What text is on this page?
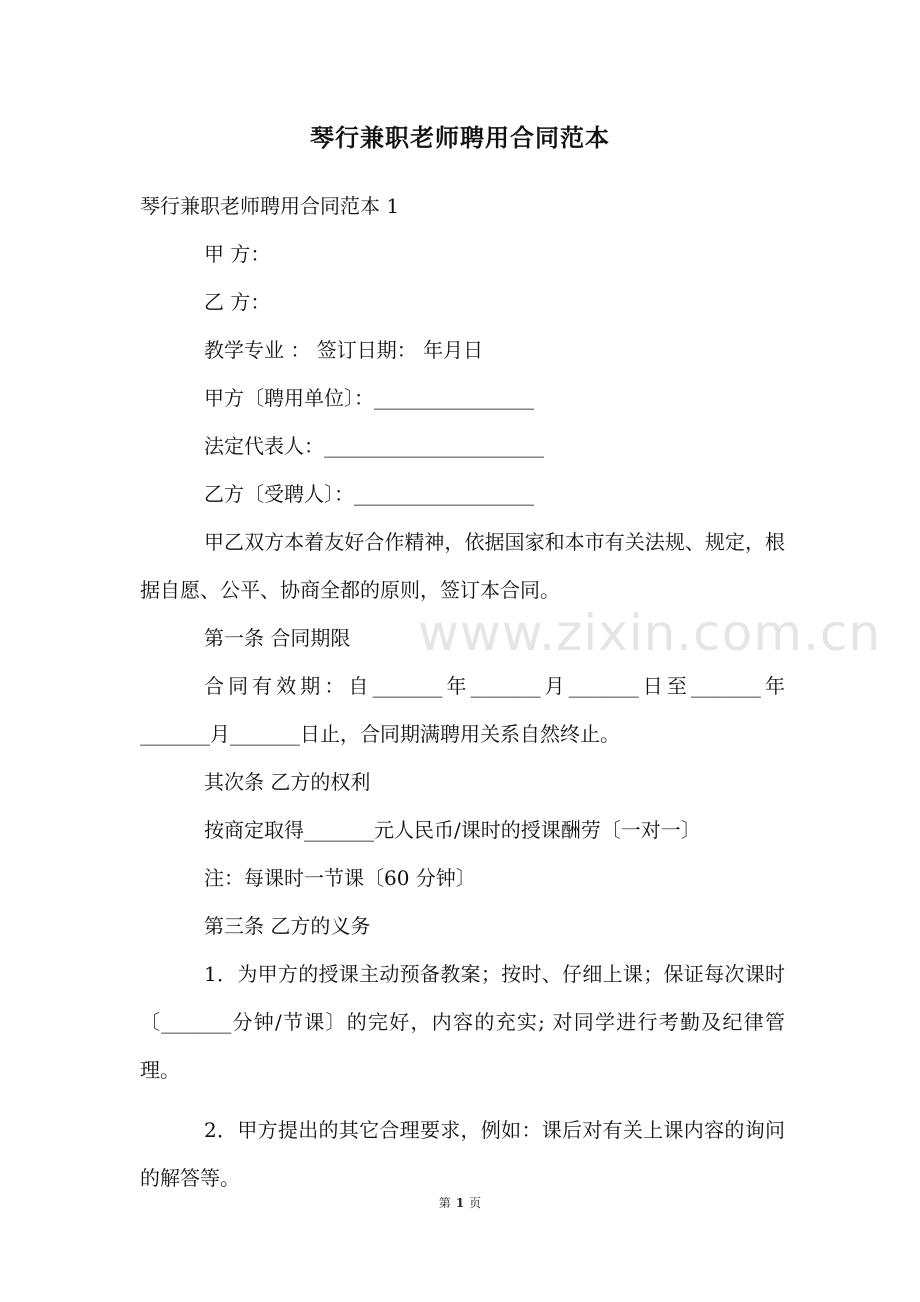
琴行兼职老师聘用合同范本
琴行兼职老师聘用合同范本 1
甲 方：
乙 方：
教学专业 ： 签订日期： 年月日
甲方〔聘用单位〕：________________
法定代表人：______________________
乙方〔受聘人〕：__________________
甲乙双方本着友好合作精神，依据国家和本市有关法规、规定，根据自愿、公平、协商全都的原则，签订本合同。
第一条 合同期限
合同有效期：自_______年_______月_______日至_______年_______月_______日止，合同期满聘用关系自然终止。
其次条 乙方的权利
按商定取得_______元人民币/课时的授课酬劳〔一对一〕
注：每课时一节课〔60 分钟〕
第三条 乙方的义务
1．为甲方的授课主动预备教案；按时、仔细上课；保证每次课时〔_______分钟/节课〕的完好，内容的充实; 对同学进行考勤及纪律管理。
2．甲方提出的其它合理要求，例如：课后对有关上课内容的询问的解答等。
www.zixin.com.cn
第 1 页
